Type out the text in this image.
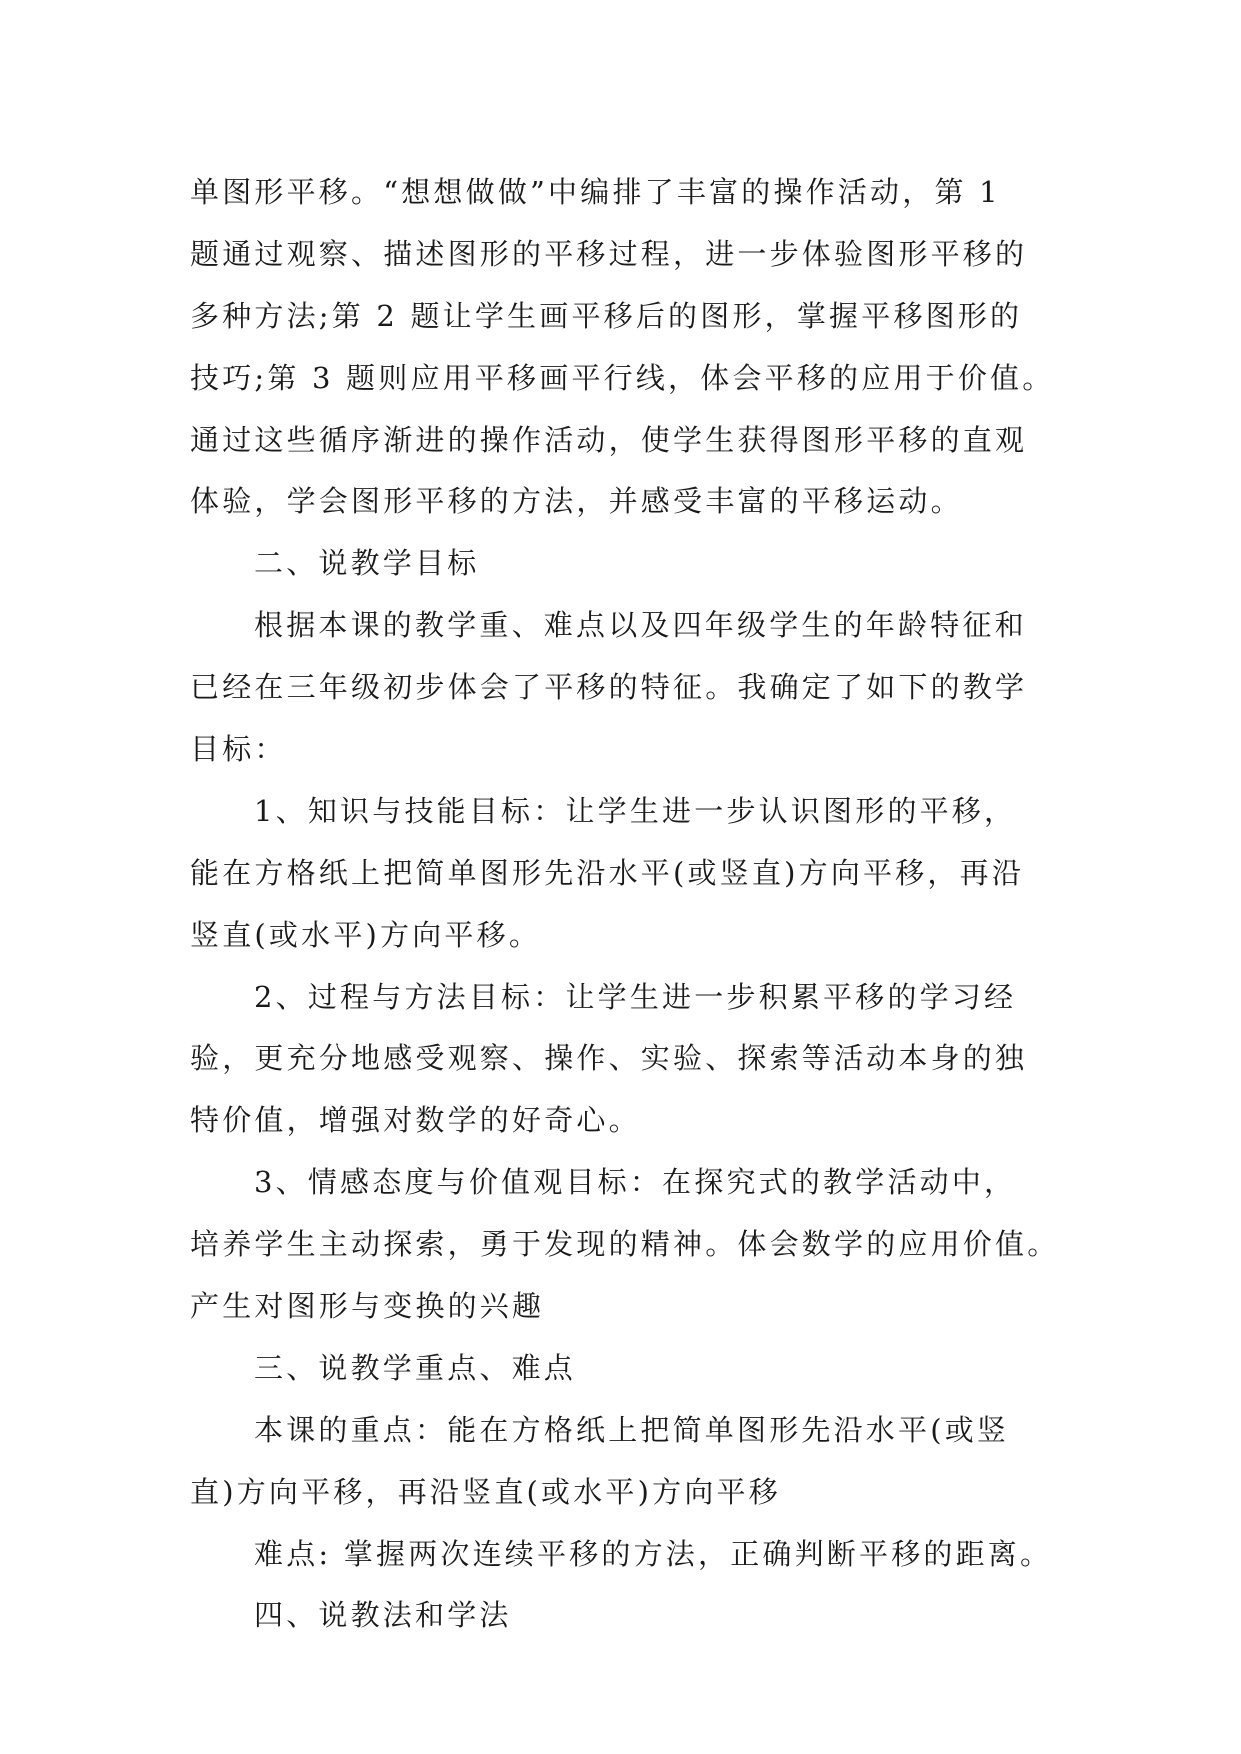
单图形平移。“想想做做”中编排了丰富的操作活动，第 1
题通过观察、描述图形的平移过程，进一步体验图形平移的
多种方法;第 2 题让学生画平移后的图形，掌握平移图形的
技巧;第 3 题则应用平移画平行线，体会平移的应用于价值。
通过这些循序渐进的操作活动，使学生获得图形平移的直观
体验，学会图形平移的方法，并感受丰富的平移运动。
二、说教学目标
根据本课的教学重、难点以及四年级学生的年龄特征和
已经在三年级初步体会了平移的特征。我确定了如下的教学
目标：
1、知识与技能目标：让学生进一步认识图形的平移，
能在方格纸上把简单图形先沿水平(或竖直)方向平移，再沿
竖直(或水平)方向平移。
2、过程与方法目标：让学生进一步积累平移的学习经
验，更充分地感受观察、操作、实验、探索等活动本身的独
特价值，增强对数学的好奇心。
3、情感态度与价值观目标：在探究式的教学活动中，
培养学生主动探索，勇于发现的精神。体会数学的应用价值。
产生对图形与变换的兴趣
三、说教学重点、难点
本课的重点：能在方格纸上把简单图形先沿水平(或竖
直)方向平移，再沿竖直(或水平)方向平移
难点: 掌握两次连续平移的方法，正确判断平移的距离。
四、说教法和学法
